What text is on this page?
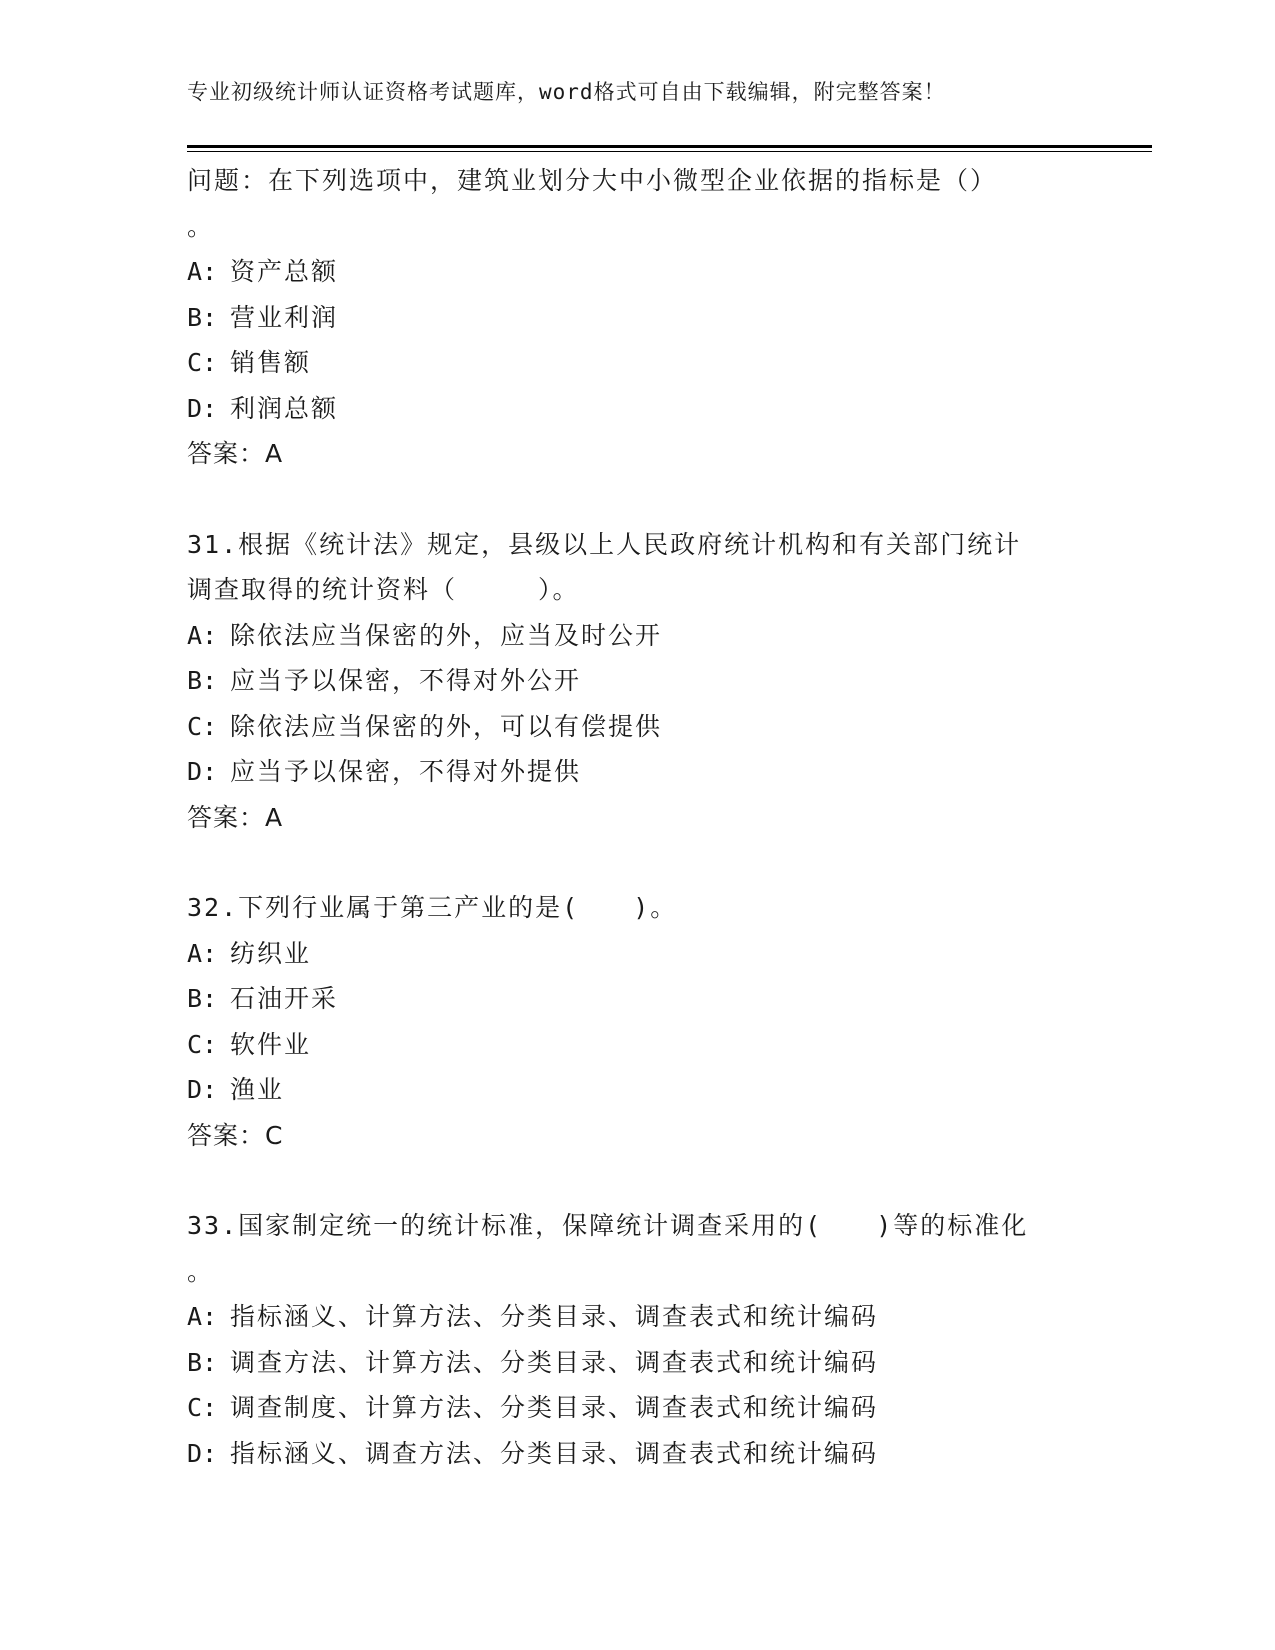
专业初级统计师认证资格考试题库，word格式可自由下载编辑，附完整答案！
问题：在下列选项中，建筑业划分大中小微型企业依据的指标是（）
。
A: 资产总额
B: 营业利润
C: 销售额
D: 利润总额
答案：A
31.根据《统计法》规定，县级以上人民政府统计机构和有关部门统计
调查取得的统计资料（　　　）。
A: 除依法应当保密的外，应当及时公开
B: 应当予以保密，不得对外公开
C: 除依法应当保密的外，可以有偿提供
D: 应当予以保密，不得对外提供
答案：A
32.下列行业属于第三产业的是(　　)。
A: 纺织业
B: 石油开采
C: 软件业
D: 渔业
答案：C
33.国家制定统一的统计标准，保障统计调查采用的(　　)等的标准化
。
A: 指标涵义、计算方法、分类目录、调查表式和统计编码
B: 调查方法、计算方法、分类目录、调查表式和统计编码
C: 调查制度、计算方法、分类目录、调查表式和统计编码
D: 指标涵义、调查方法、分类目录、调查表式和统计编码
